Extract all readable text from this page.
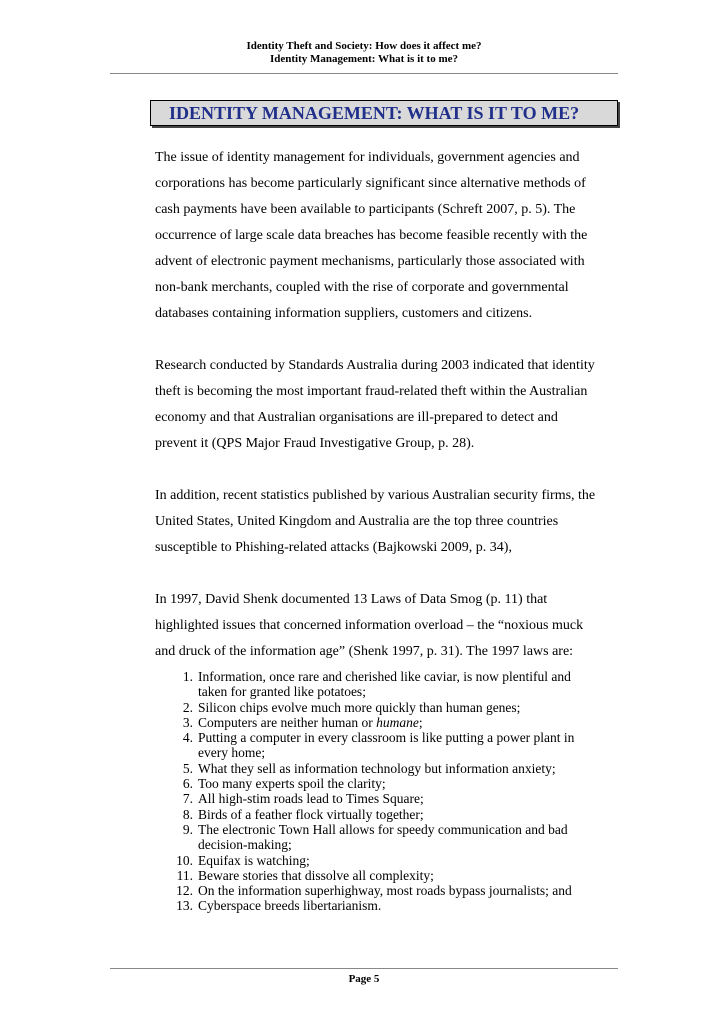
Identity Theft and Society: How does it affect me?
Identity Management: What is it to me?
IDENTITY MANAGEMENT: WHAT IS IT TO ME?

The issue of identity management for individuals, government agencies and

corporations has become particularly significant since alternative methods of

cash payments have been available to participants (Schreft 2007, p. 5). The

occurrence of large scale data breaches has become feasible recently with the

advent of electronic payment mechanisms, particularly those associated with

non-bank merchants, coupled with the rise of corporate and governmental

databases containing information suppliers, customers and citizens.

Research conducted by Standards Australia during 2003 indicated that identity

theft is becoming the most important fraud-related theft within the Australian

economy and that Australian organisations are ill-prepared to detect and

prevent it (QPS Major Fraud Investigative Group, p. 28).

In addition, recent statistics published by various Australian security firms, the

United States, United Kingdom and Australia are the top three countries

susceptible to Phishing-related attacks (Bajkowski 2009, p. 34),

In 1997, David Shenk documented 13 Laws of Data Smog (p. 11) that

highlighted issues that concerned information overload – the “noxious muck

and druck of the information age” (Shenk 1997, p. 31). The 1997 laws are:

1. Information, once rare and cherished like caviar, is now plentiful and

taken for granted like potatoes;

2. Silicon chips evolve much more quickly than human genes;

3. Computers are neither human or humane;

4. Putting a computer in every classroom is like putting a power plant in

every home;

5. What they sell as information technology but information anxiety;

6. Too many experts spoil the clarity;

7. All high-stim roads lead to Times Square;

8. Birds of a feather flock virtually together;

9. The electronic Town Hall allows for speedy communication and bad

decision-making;

10. Equifax is watching;

11. Beware stories that dissolve all complexity;

12. On the information superhighway, most roads bypass journalists; and

13. Cyberspace breeds libertarianism.

Page 5
